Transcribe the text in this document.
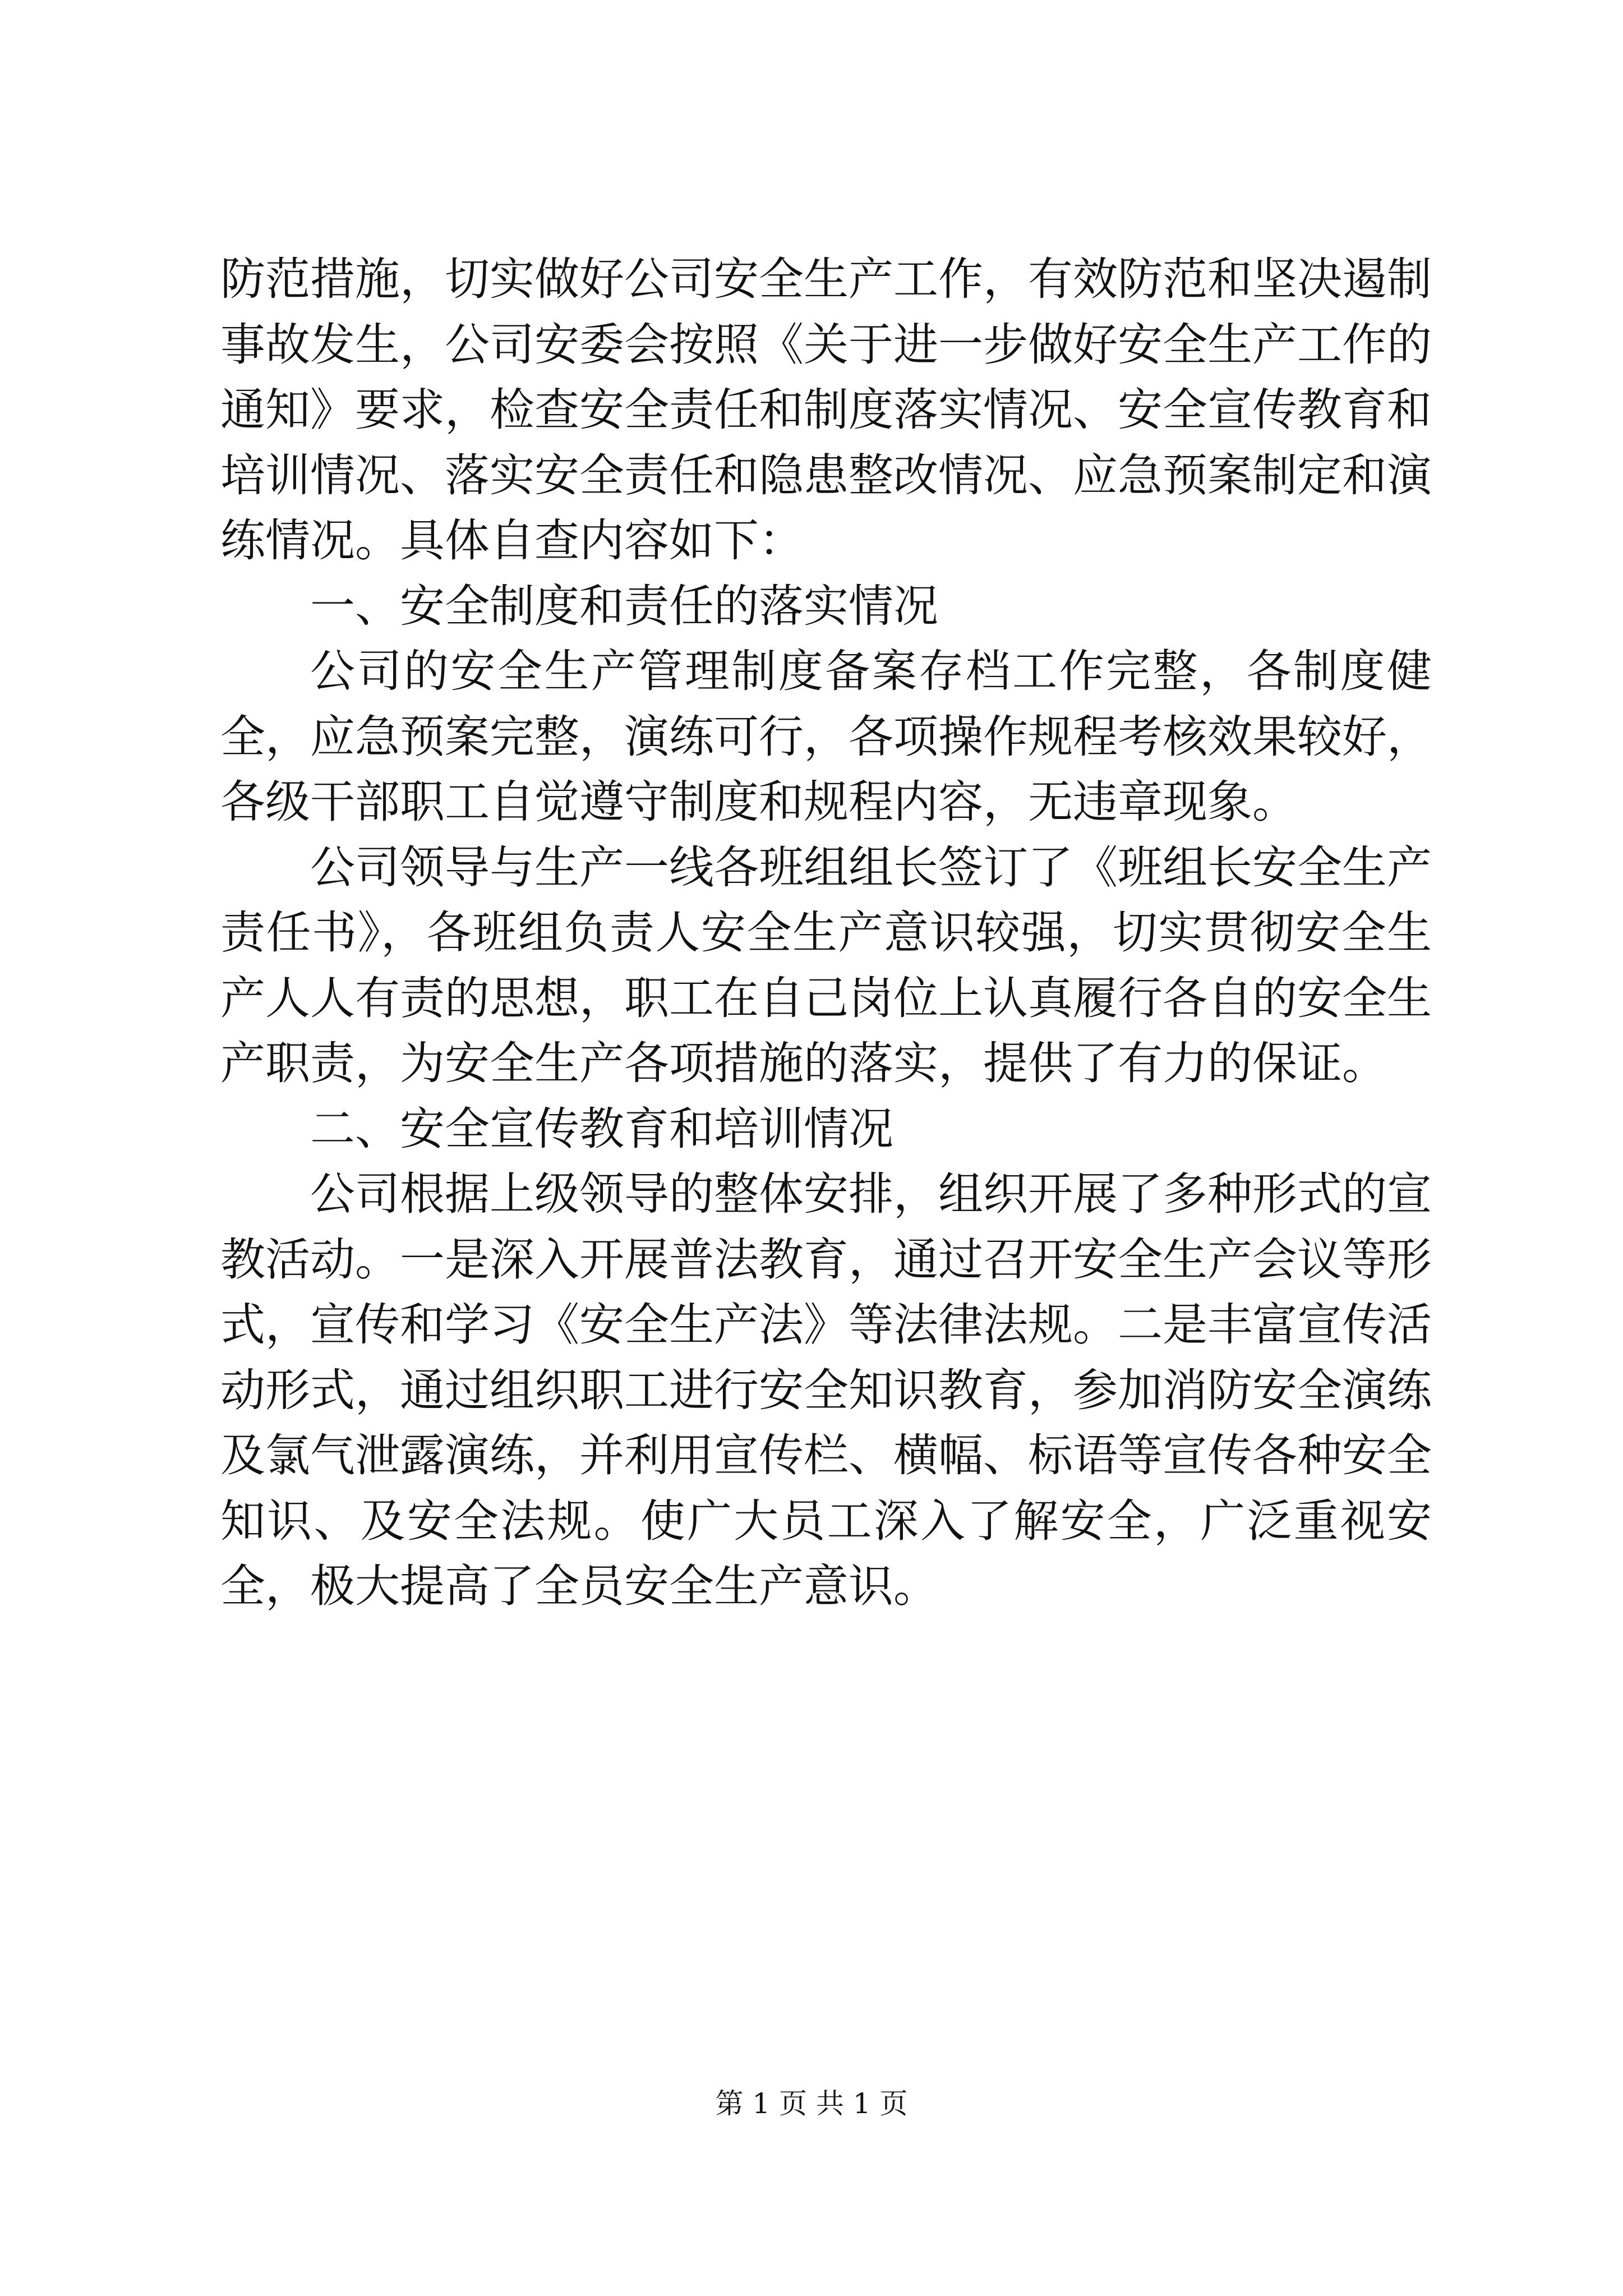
防范措施，切实做好公司安全生产工作，有效防范和坚决遏制事故发生，公司安委会按照《关于进一步做好安全生产工作的通知》要求，检查安全责任和制度落实情况、安全宣传教育和培训情况、落实安全责任和隐患整改情况、应急预案制定和演练情况。具体自查内容如下：

一、安全制度和责任的落实情况

公司的安全生产管理制度备案存档工作完整，各制度健全，应急预案完整，演练可行，各项操作规程考核效果较好，各级干部职工自觉遵守制度和规程内容，无违章现象。

公司领导与生产一线各班组组长签订了《班组长安全生产责任书》，各班组负责人安全生产意识较强，切实贯彻安全生产人人有责的思想，职工在自己岗位上认真履行各自的安全生产职责，为安全生产各项措施的落实，提供了有力的保证。

二、安全宣传教育和培训情况

公司根据上级领导的整体安排，组织开展了多种形式的宣教活动。一是深入开展普法教育，通过召开安全生产会议等形式，宣传和学习《安全生产法》等法律法规。二是丰富宣传活动形式，通过组织职工进行安全知识教育，参加消防安全演练及氯气泄露演练，并利用宣传栏、横幅、标语等宣传各种安全知识、及安全法规。使广大员工深入了解安全，广泛重视安全，极大提高了全员安全生产意识。

第 1 页 共 1 页
